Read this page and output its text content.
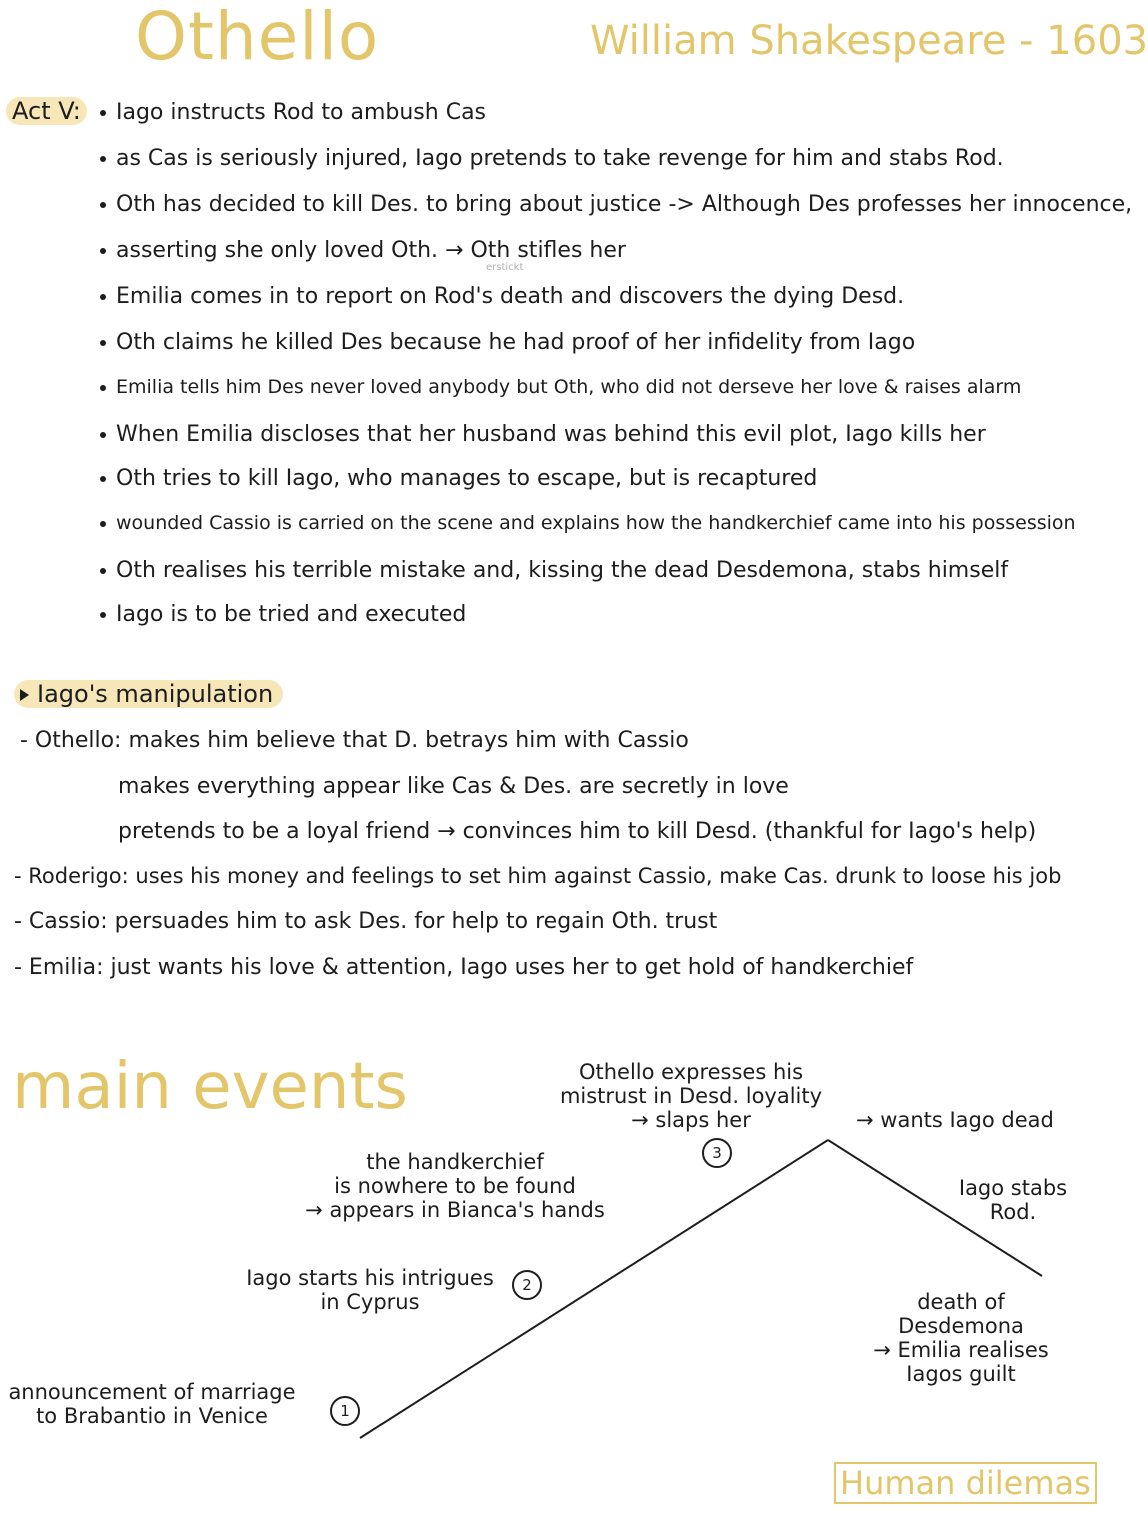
Othello	William Shakespeare - 1603
Act V:	Iago instructs Rod to ambush Cas
as Cas is seriously injured, Iago pretends to take revenge for him and stabs Rod.
Oth has decided to kill Des. to bring about justice -> Although Des professes her innocence,
asserting she only loved Oth. → Oth stifles her
erstickt
Emilia comes in to report on Rod's death and discovers the dying Desd.
Oth claims he killed Des because he had proof of her infidelity from Iago
Emilia tells him Des never loved anybody but Oth, who did not derseve her love & raises alarm
When Emilia discloses that her husband was behind this evil plot, Iago kills her
Oth tries to kill Iago, who manages to escape, but is recaptured
wounded Cassio is carried on the scene and explains how the handkerchief came into his possession
Oth realises his terrible mistake and, kissing the dead Desdemona, stabs himself
Iago is to be tried and executed
Iago's manipulation
- Othello: makes him believe that D. betrays him with Cassio
makes everything appear like Cas & Des. are secretly in love
pretends to be a loyal friend → convinces him to kill Desd. (thankful for Iago's help)
- Roderigo: uses his money and feelings to set him against Cassio, make Cas. drunk to loose his job
- Cassio: persuades him to ask Des. for help to regain Oth. trust
- Emilia: just wants his love & attention, Iago uses her to get hold of handkerchief
main events
announcement of marriage
to Brabantio in Venice	1
Iago starts his intrigues
in Cyprus
2
the handkerchief
is nowhere to be found
→ appears in Bianca's hands
Othello expresses his
mistrust in Desd. loyality
→ slaps her
3
→ wants Iago dead
Iago stabs
Rod.
death of
Desdemona
→ Emilia realises
Iagos guilt
Human dilemas
